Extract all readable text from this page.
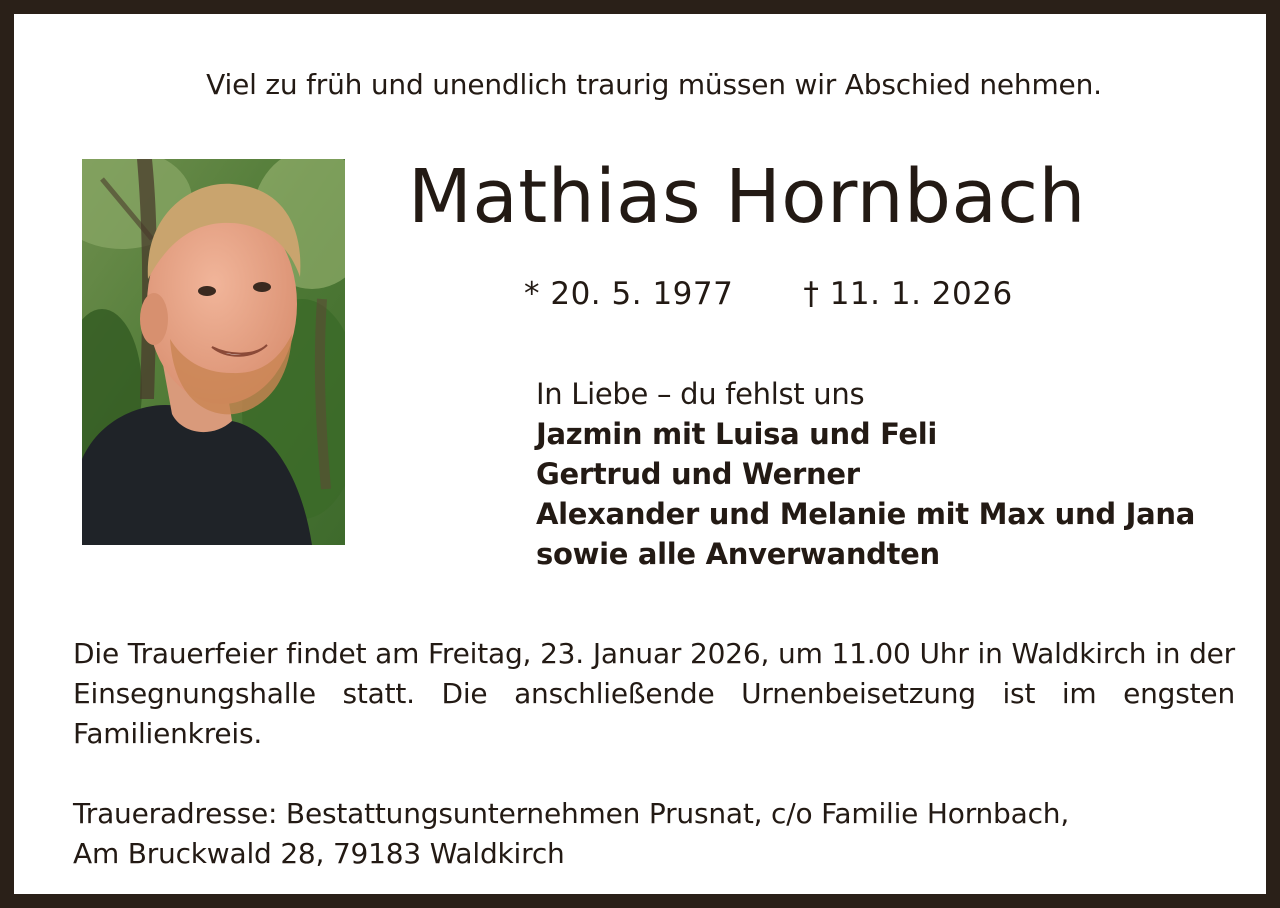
Viel zu früh und unendlich traurig müssen wir Abschied nehmen.
Mathias Hornbach
* 20. 5. 1977 † 11. 1. 2026
In Liebe – du fehlst uns
Jazmin mit Luisa und Feli
Gertrud und Werner
Alexander und Melanie mit Max und Jana
sowie alle Anverwandten
Die Trauerfeier findet am Freitag, 23. Januar 2026, um 11.00 Uhr in Waldkirch in der Einsegnungshalle statt. Die anschließende Urnenbeisetzung ist im engsten Familienkreis.
Traueradresse: Bestattungsunternehmen Prusnat, c/o Familie Hornbach,
Am Bruckwald 28, 79183 Waldkirch
